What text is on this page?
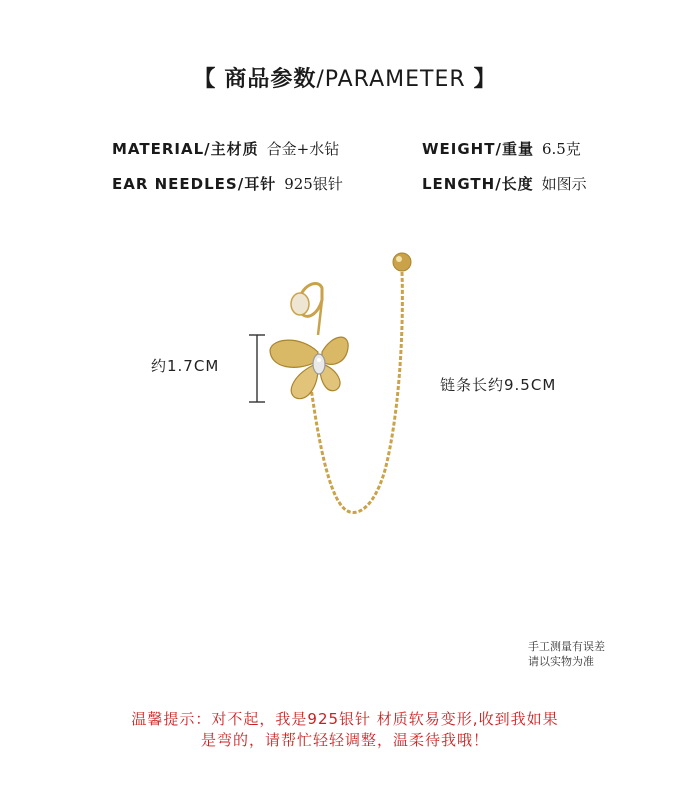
【 商品参数/PARAMETER 】
MATERIAL/主材质 合金+水钻	WEIGHT/重量 6.5克
EAR NEEDLES/耳针 925银针	LENGTH/长度 如图示
约1.7CM
链条长约9.5CM
手工测量有误差
请以实物为准
温馨提示：对不起，我是925银针 材质软易变形,收到我如果
是弯的，请帮忙轻轻调整，温柔待我哦！
